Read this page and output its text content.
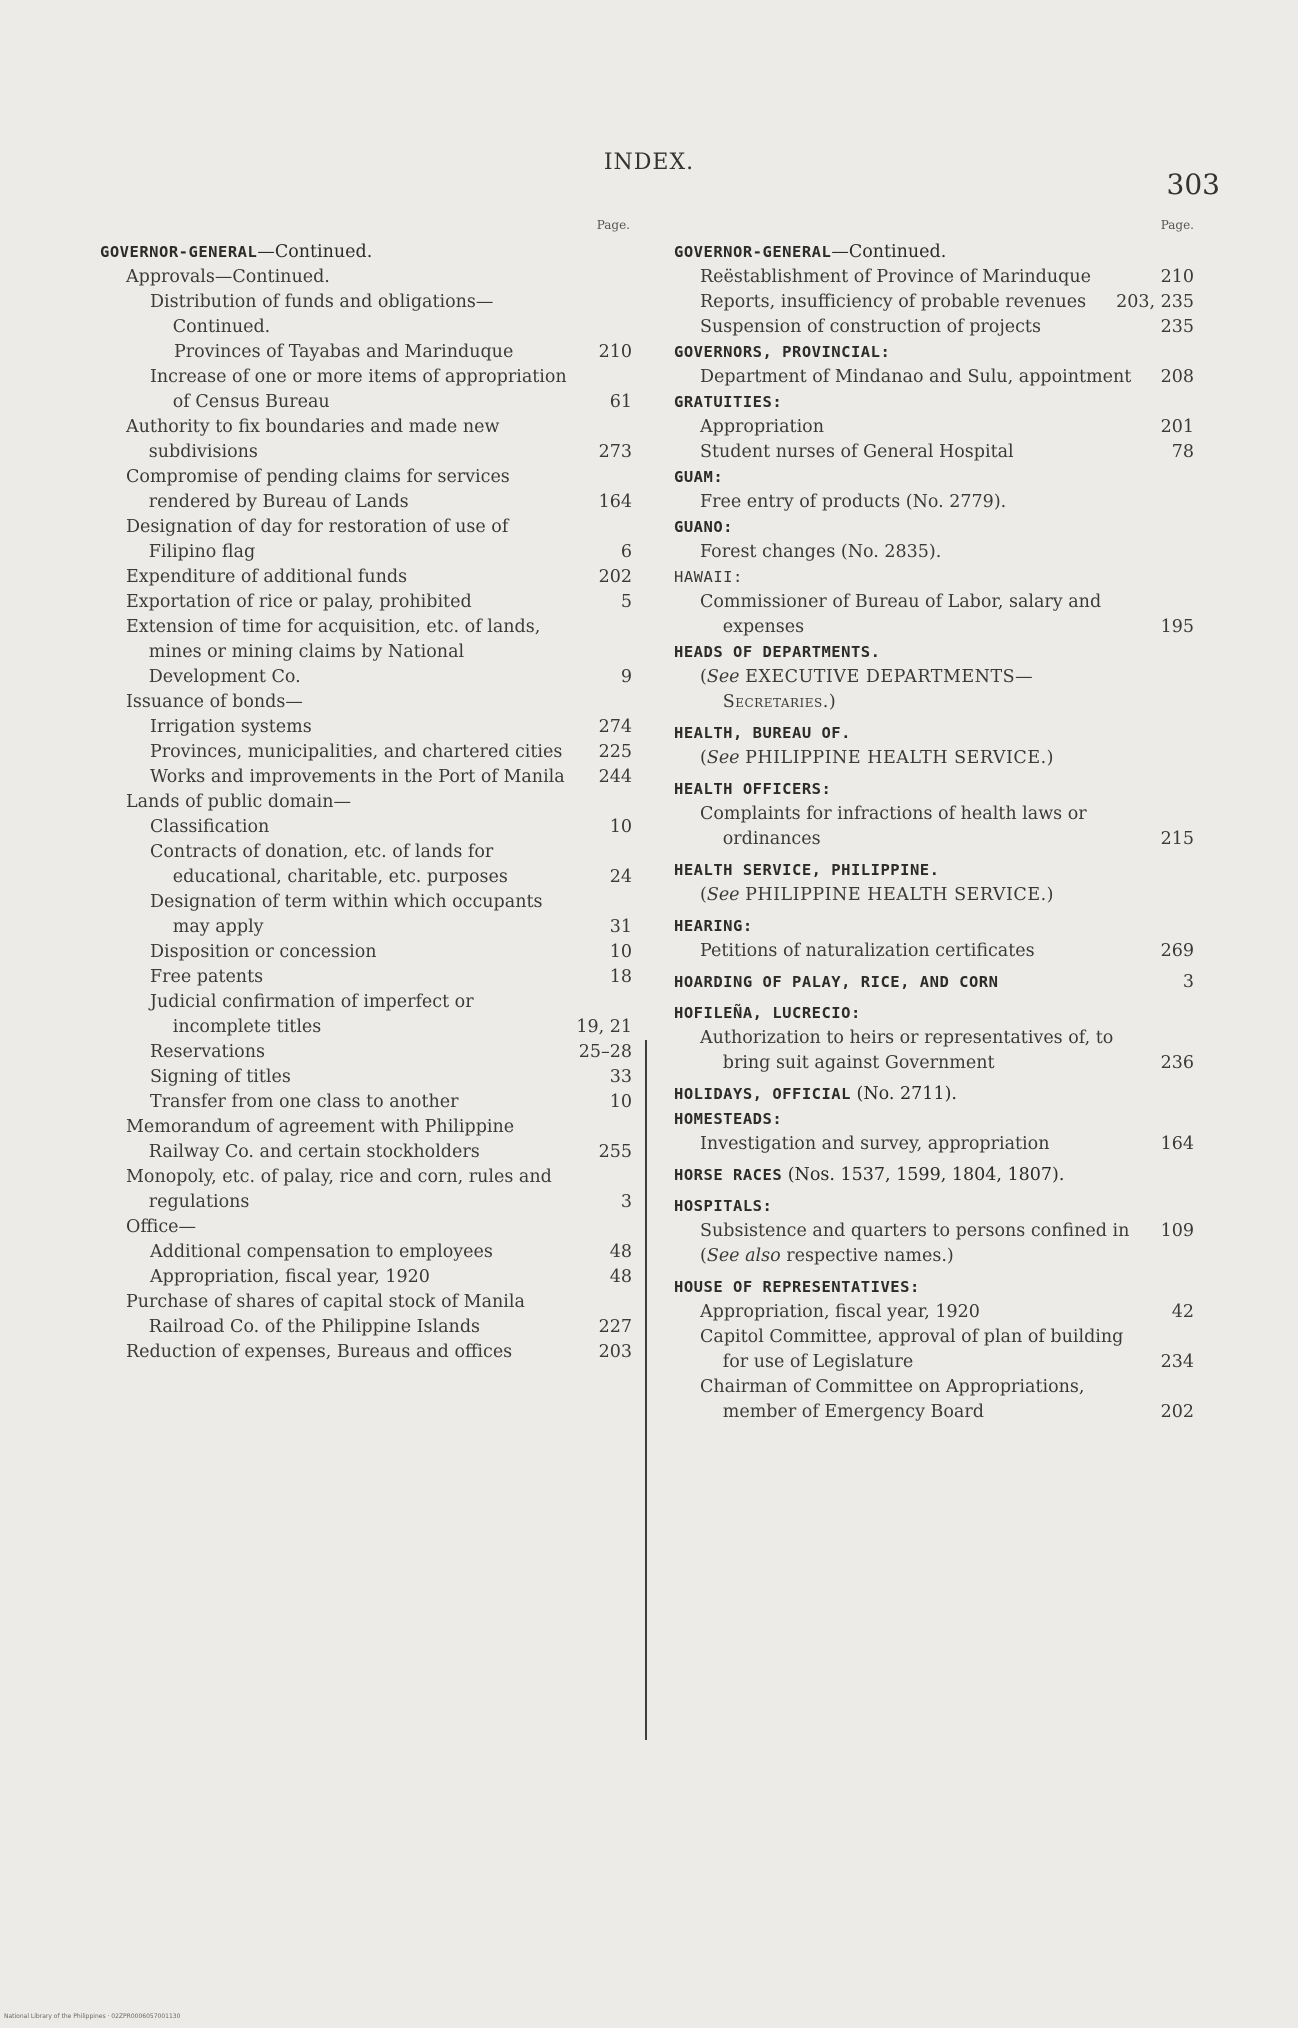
INDEX.
303
Page.
GOVERNOR-GENERAL—Continued.
Approvals—Continued.
Distribution of funds and obligations—Continued.
Provinces of Tayabas and Marinduque	210
Increase of one or more items of appropriation of Census Bureau	61
Authority to fix boundaries and made new subdivisions	273
Compromise of pending claims for services rendered by Bureau of Lands	164
Designation of day for restoration of use of Filipino flag	6
Expenditure of additional funds	202
Exportation of rice or palay, prohibited	5
Extension of time for acquisition, etc. of lands, mines or mining claims by National Development Co.	9
Issuance of bonds—
Irrigation systems	274
Provinces, municipalities, and chartered cities	225
Works and improvements in the Port of Manila	244
Lands of public domain—
Classification	10
Contracts of donation, etc. of lands for educational, charitable, etc. purposes	24
Designation of term within which occupants may apply	31
Disposition or concession	10
Free patents	18
Judicial confirmation of imperfect or incomplete titles	19, 21
Reservations	25–28
Signing of titles	33
Transfer from one class to another	10
Memorandum of agreement with Philippine Railway Co. and certain stockholders	255
Monopoly, etc. of palay, rice and corn, rules and regulations	3
Office—
Additional compensation to employees	48
Appropriation, fiscal year, 1920	48
Purchase of shares of capital stock of Manila Railroad Co. of the Philippine Islands	227
Reduction of expenses, Bureaus and offices	203
Page.
GOVERNOR-GENERAL—Continued.
Reëstablishment of Province of Marinduque	210
Reports, insufficiency of probable revenues	203, 235
Suspension of construction of projects	235
GOVERNORS, PROVINCIAL:
Department of Mindanao and Sulu, appointment 208
GRATUITIES:
Appropriation	201
Student nurses of General Hospital	78
GUAM:
Free entry of products (No. 2779).
GUANO:
Forest changes (No. 2835).
HAWAII:
Commissioner of Bureau of Labor, salary and expenses	195
HEADS OF DEPARTMENTS.
(See EXECUTIVE DEPARTMENTS—Secretaries.)
HEALTH, BUREAU OF.
(See PHILIPPINE HEALTH SERVICE.)
HEALTH OFFICERS:
Complaints for infractions of health laws or ordinances	215
HEALTH SERVICE, PHILIPPINE.
(See PHILIPPINE HEALTH SERVICE.)
HEARING:
Petitions of naturalization certificates	269
HOARDING OF PALAY, RICE, AND CORN	3
HOFILEÑA, LUCRECIO:
Authorization to heirs or representatives of, to bring suit against Government	236
HOLIDAYS, OFFICIAL (No. 2711).
HOMESTEADS:
Investigation and survey, appropriation	164
HORSE RACES (Nos. 1537, 1599, 1804, 1807).
HOSPITALS:
Subsistence and quarters to persons confined in 109
(See also respective names.)
HOUSE OF REPRESENTATIVES:
Appropriation, fiscal year, 1920	42
Capitol Committee, approval of plan of building for use of Legislature	234
Chairman of Committee on Appropriations, member of Emergency Board	202
National Library of the Philippines · 02ZPR0006057001130
